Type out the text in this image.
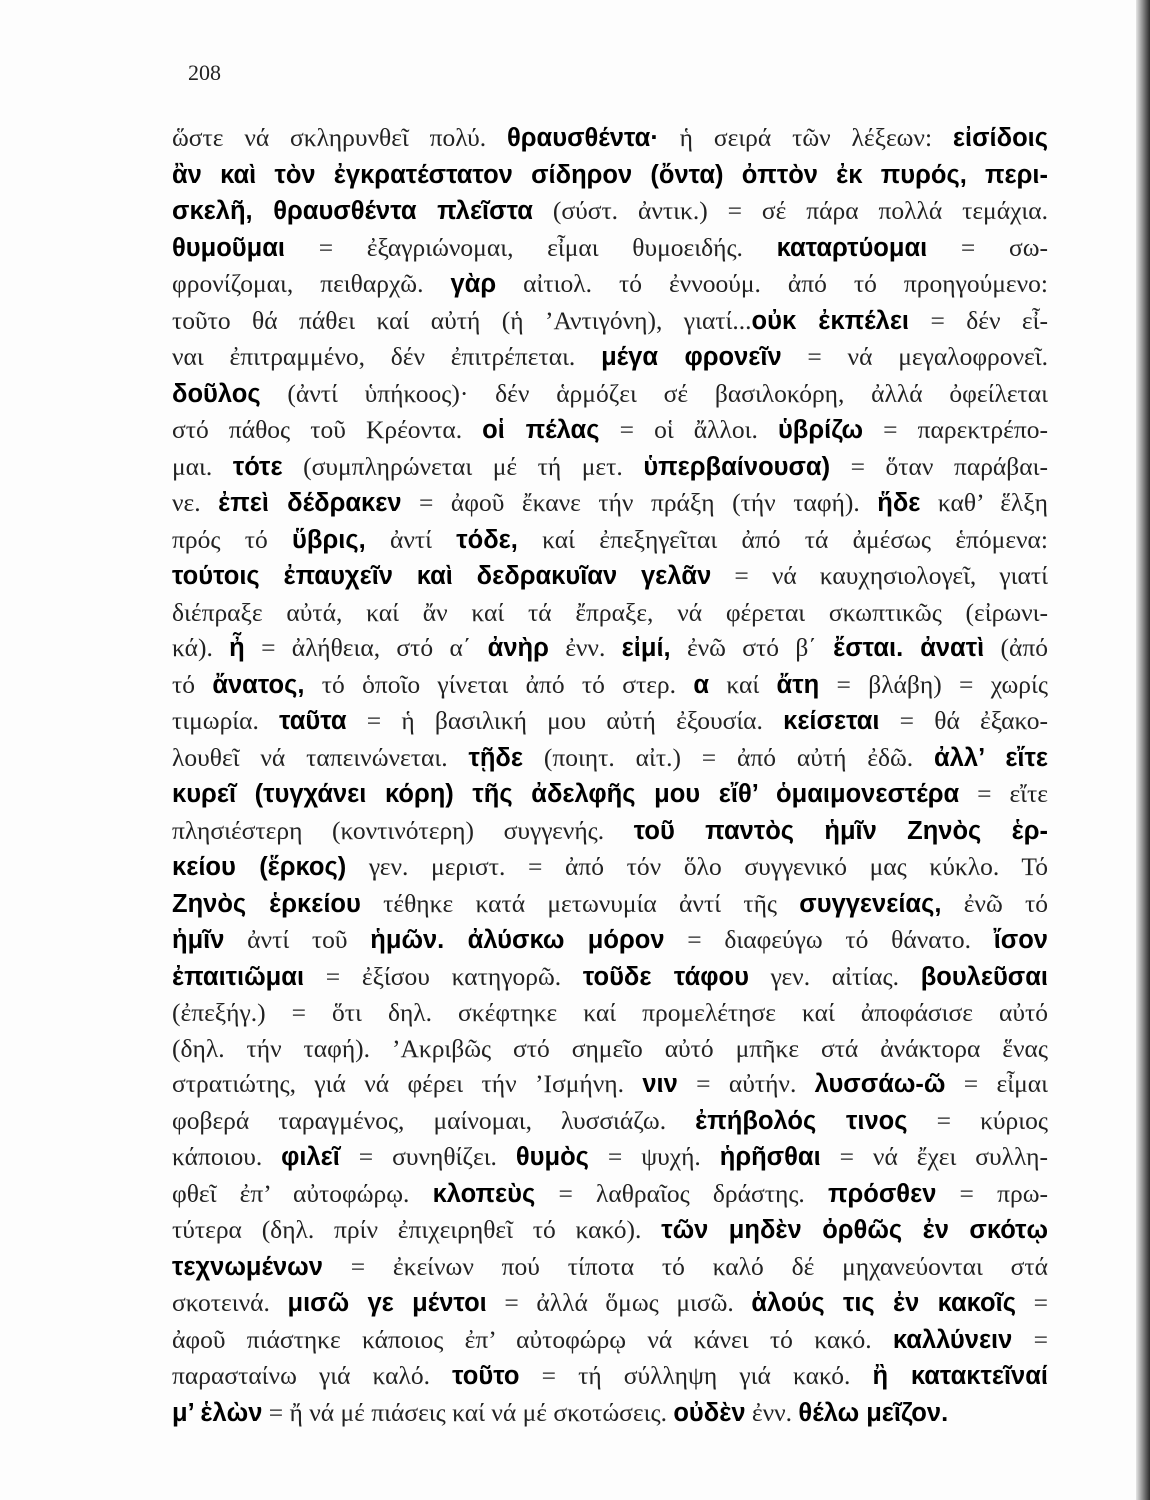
208
ὥστε νά σκληρυνθεῖ πολύ. θραυσθέντα· ἡ σειρά τῶν λέξεων: εἰσίδοις
ἂν καὶ τὸν ἐγκρατέστατον σίδηρον (ὄντα) ὀπτὸν ἐκ πυρός, περι-
σκελῆ, θραυσθέντα πλεῖστα (σύστ. ἀντικ.) = σέ πάρα πολλά τεμάχια.
θυμοῦμαι = ἐξαγριώνομαι, εἶμαι θυμοειδής. καταρτύομαι = σω-
φρονίζομαι, πειθαρχῶ. γὰρ αἰτιολ. τό ἐννοούμ. ἀπό τό προηγούμενο:
τοῦτο θά πάθει καί αὐτή (ἡ ’Αντιγόνη), γιατί...οὐκ ἐκπέλει = δέν εἶ-
ναι ἐπιτραμμένο, δέν ἐπιτρέπεται. μέγα φρονεῖν = νά μεγαλοφρονεῖ.
δοῦλος (ἀντί ὑπήκοος)· δέν ἁρμόζει σέ βασιλοκόρη, ἀλλά ὀφείλεται
στό πάθος τοῦ Κρέοντα. οἱ πέλας = οἱ ἄλλοι. ὑβρίζω = παρεκτρέπο-
μαι. τότε (συμπληρώνεται μέ τή μετ. ὑπερβαίνουσα) = ὅταν παράβαι-
νε. ἐπεὶ δέδρακεν = ἀφοῦ ἔκανε τήν πράξη (τήν ταφή). ἥδε καθ’ ἕλξη
πρός τό ὕβρις, ἀντί τόδε, καί ἐπεξηγεῖται ἀπό τά ἀμέσως ἑπόμενα:
τούτοις ἐπαυχεῖν καὶ δεδρακυῖαν γελᾶν = νά καυχησιολογεῖ, γιατί
διέπραξε αὐτά, καί ἄν καί τά ἔπραξε, νά φέρεται σκωπτικῶς (εἰρωνι-
κά). ἦ = ἀλήθεια, στό α΄ ἀνὴρ ἐνν. εἰμί, ἐνῶ στό β΄ ἔσται. ἀνατὶ (ἀπό
τό ἄνατος, τό ὁποῖο γίνεται ἀπό τό στερ. α καί ἄτη = βλάβη) = χωρίς
τιμωρία. ταῦτα = ἡ βασιλική μου αὐτή ἐξουσία. κείσεται = θά ἐξακο-
λουθεῖ νά ταπεινώνεται. τῇδε (ποιητ. αἰτ.) = ἀπό αὐτή ἐδῶ. ἀλλ’ εἴτε
κυρεῖ (τυγχάνει κόρη) τῆς ἀδελφῆς μου εἴθ’ ὁμαιμονεστέρα = εἴτε
πλησιέστερη (κοντινότερη) συγγενής. τοῦ παντὸς ἡμῖν Ζηνὸς ἑρ-
κείου (ἕρκος) γεν. μεριστ. = ἀπό τόν ὅλο συγγενικό μας κύκλο. Τό
Ζηνὸς ἑρκείου τέθηκε κατά μετωνυμία ἀντί τῆς συγγενείας, ἐνῶ τό
ἡμῖν ἀντί τοῦ ἡμῶν. ἀλύσκω μόρον = διαφεύγω τό θάνατο. ἴσον
ἐπαιτιῶμαι = ἐξίσου κατηγορῶ. τοῦδε τάφου γεν. αἰτίας. βουλεῦσαι
(ἐπεξήγ.) = ὅτι δηλ. σκέφτηκε καί προμελέτησε καί ἀποφάσισε αὐτό
(δηλ. τήν ταφή). ’Ακριβῶς στό σημεῖο αὐτό μπῆκε στά ἀνάκτορα ἕνας
στρατιώτης, γιά νά φέρει τήν ’Ισμήνη. νιν = αὐτήν. λυσσάω-ῶ = εἶμαι
φοβερά ταραγμένος, μαίνομαι, λυσσιάζω. ἐπήβολός τινος = κύριος
κάποιου. φιλεῖ = συνηθίζει. θυμὸς = ψυχή. ἡρῆσθαι = νά ἔχει συλλη-
φθεῖ ἐπ’ αὐτοφώρῳ. κλοπεὺς = λαθραῖος δράστης. πρόσθεν = πρω-
τύτερα (δηλ. πρίν ἐπιχειρηθεῖ τό κακό). τῶν μηδὲν ὀρθῶς ἐν σκότῳ
τεχνωμένων = ἐκείνων πού τίποτα τό καλό δέ μηχανεύονται στά
σκοτεινά. μισῶ γε μέντοι = ἀλλά ὅμως μισῶ. ἁλούς τις ἐν κακοῖς =
ἀφοῦ πιάστηκε κάποιος ἐπ’ αὐτοφώρῳ νά κάνει τό κακό. καλλύνειν =
παρασταίνω γιά καλό. τοῦτο = τή σύλληψη γιά κακό. ἢ κατακτεῖναί
μ’ ἑλὼν = ἤ νά μέ πιάσεις καί νά μέ σκοτώσεις. οὐδὲν ἐνν. θέλω μεῖζον.
